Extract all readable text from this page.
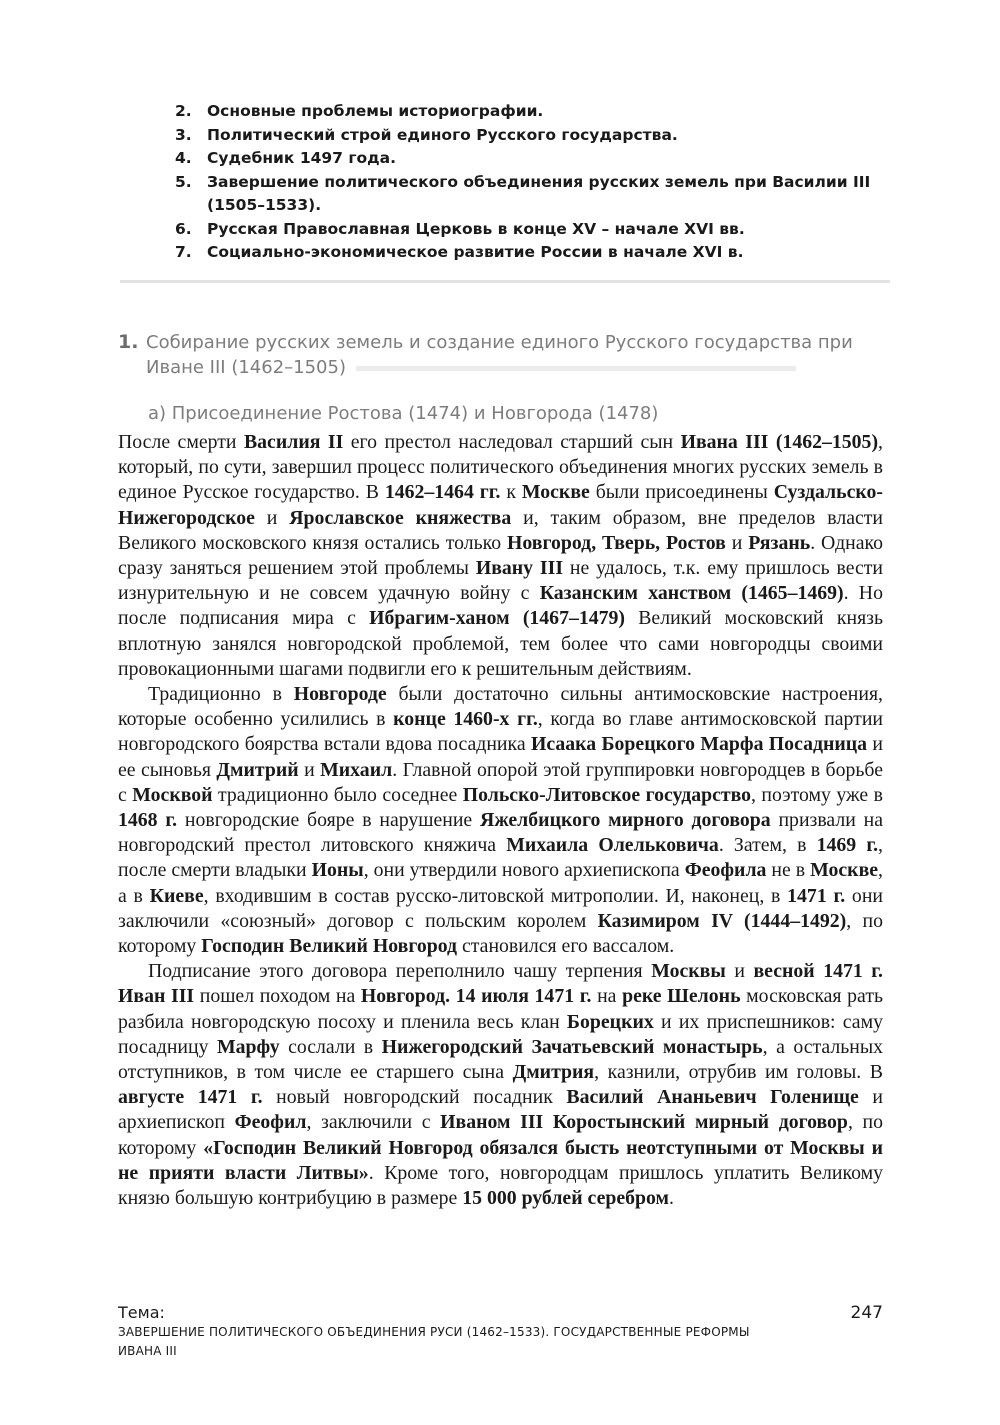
2. Основные проблемы историографии.
3. Политический строй единого Русского государства.
4. Судебник 1497 года.
5. Завершение политического объединения русских земель при Василии III (1505–1533).
6. Русская Православная Церковь в конце XV – начале XVI вв.
7. Социально-экономическое развитие России в начале XVI в.
1. Собирание русских земель и создание единого Русского государства при Иване III (1462–1505)
а) Присоединение Ростова (1474) и Новгорода (1478)

После смерти Василия II его престол наследовал старший сын Ивана III (1462–1505), который, по сути, завершил процесс политического объединения многих русских земель в единое Русское государство. В 1462–1464 гг. к Москве были присоединены Суздальско-Нижегородское и Ярославское княжества и, таким образом, вне пределов власти Великого московского князя остались только Новгород, Тверь, Ростов и Рязань. Однако сразу заняться решением этой проблемы Ивану III не удалось, т.к. ему пришлось вести изнурительную и не совсем удачную войну с Казанским ханством (1465–1469). Но после подписания мира с Ибрагим-ханом (1467–1479) Великий московский князь вплотную занялся новгородской проблемой, тем более что сами новгородцы своими провокационными шагами подвигли его к решительным действиям.

Традиционно в Новгороде были достаточно сильны антимосковские настроения, которые особенно усилились в конце 1460-х гг., когда во главе антимосковской партии новгородского боярства встали вдова посадника Исаака Борецкого Марфа Посадница и ее сыновья Дмитрий и Михаил. Главной опорой этой группировки новгородцев в борьбе с Москвой традиционно было соседнее Польско-Литовское государство, поэтому уже в 1468 г. новгородские бояре в нарушение Яжелбицкого мирного договора призвали на новгородский престол литовского княжича Михаила Олельковича. Затем, в 1469 г., после смерти владыки Ионы, они утвердили нового архиепископа Феофила не в Москве, а в Киеве, входившим в состав русско-литовской митрополии. И, наконец, в 1471 г. они заключили «союзный» договор с польским королем Казимиром IV (1444–1492), по которому Господин Великий Новгород становился его вассалом.

Подписание этого договора переполнило чашу терпения Москвы и весной 1471 г. Иван III пошел походом на Новгород. 14 июля 1471 г. на реке Шелонь московская рать разбила новгородскую посоху и пленила весь клан Борецких и их приспешников: саму посадницу Марфу сослали в Нижегородский Зачатьевский монастырь, а остальных отступников, в том числе ее старшего сына Дмитрия, казнили, отрубив им головы. В августе 1471 г. новый новгородский посадник Василий Ананьевич Голенище и архиепископ Феофил, заключили с Иваном III Коростынский мирный договор, по которому «Господин Великий Новгород обязался бысть неотступными от Москвы и не прияти власти Литвы». Кроме того, новгородцам пришлось уплатить Великому князю большую контрибуцию в размере 15 000 рублей серебром.

Тема:
ЗАВЕРШЕНИЕ ПОЛИТИЧЕСКОГО ОБЪЕДИНЕНИЯ РУСИ (1462–1533). ГОСУДАРСТВЕННЫЕ РЕФОРМЫ
ИВАНА III
247
